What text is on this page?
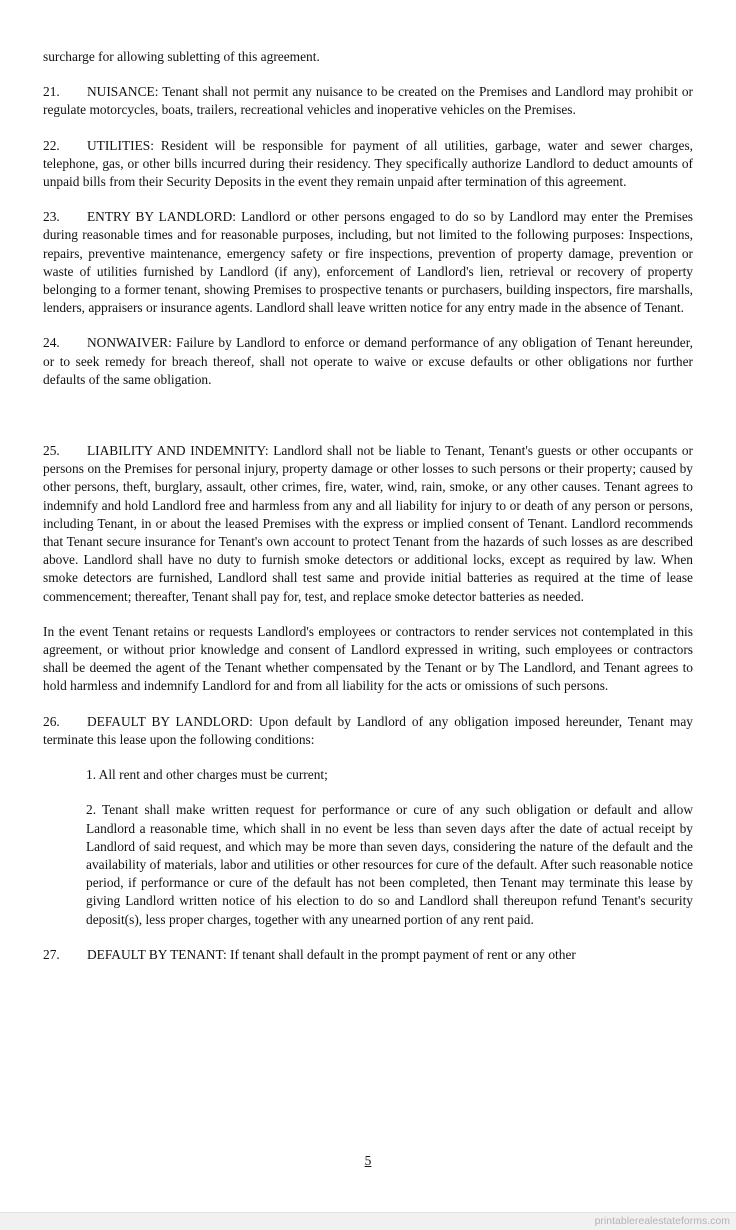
surcharge for allowing subletting of this agreement.

21. NUISANCE: Tenant shall not permit any nuisance to be created on the Premises and Landlord may prohibit or regulate motorcycles, boats, trailers, recreational vehicles and inoperative vehicles on the Premises.

22. UTILITIES: Resident will be responsible for payment of all utilities, garbage, water and sewer charges, telephone, gas, or other bills incurred during their residency. They specifically authorize Landlord to deduct amounts of unpaid bills from their Security Deposits in the event they remain unpaid after termination of this agreement.

23. ENTRY BY LANDLORD: Landlord or other persons engaged to do so by Landlord may enter the Premises during reasonable times and for reasonable purposes, including, but not limited to the following purposes: Inspections, repairs, preventive maintenance, emergency safety or fire inspections, prevention of property damage, prevention or waste of utilities furnished by Landlord (if any), enforcement of Landlord's lien, retrieval or recovery of property belonging to a former tenant, showing Premises to prospective tenants or purchasers, building inspectors, fire marshalls, lenders, appraisers or insurance agents. Landlord shall leave written notice for any entry made in the absence of Tenant.

24. NONWAIVER: Failure by Landlord to enforce or demand performance of any obligation of Tenant hereunder, or to seek remedy for breach thereof, shall not operate to waive or excuse defaults or other obligations nor further defaults of the same obligation.

25. LIABILITY AND INDEMNITY: Landlord shall not be liable to Tenant, Tenant's guests or other occupants or persons on the Premises for personal injury, property damage or other losses to such persons or their property; caused by other persons, theft, burglary, assault, other crimes, fire, water, wind, rain, smoke, or any other causes. Tenant agrees to indemnify and hold Landlord free and harmless from any and all liability for injury to or death of any person or persons, including Tenant, in or about the leased Premises with the express or implied consent of Tenant. Landlord recommends that Tenant secure insurance for Tenant's own account to protect Tenant from the hazards of such losses as are described above. Landlord shall have no duty to furnish smoke detectors or additional locks, except as required by law. When smoke detectors are furnished, Landlord shall test same and provide initial batteries as required at the time of lease commencement; thereafter, Tenant shall pay for, test, and replace smoke detector batteries as needed.

In the event Tenant retains or requests Landlord's employees or contractors to render services not contemplated in this agreement, or without prior knowledge and consent of Landlord expressed in writing, such employees or contractors shall be deemed the agent of the Tenant whether compensated by the Tenant or by The Landlord, and Tenant agrees to hold harmless and indemnify Landlord for and from all liability for the acts or omissions of such persons.

26. DEFAULT BY LANDLORD: Upon default by Landlord of any obligation imposed hereunder, Tenant may terminate this lease upon the following conditions:

1. All rent and other charges must be current;

2. Tenant shall make written request for performance or cure of any such obligation or default and allow Landlord a reasonable time, which shall in no event be less than seven days after the date of actual receipt by Landlord of said request, and which may be more than seven days, considering the nature of the default and the availability of materials, labor and utilities or other resources for cure of the default. After such reasonable notice period, if performance or cure of the default has not been completed, then Tenant may terminate this lease by giving Landlord written notice of his election to do so and Landlord shall thereupon refund Tenant's security deposit(s), less proper charges, together with any unearned portion of any rent paid.

27. DEFAULT BY TENANT: If tenant shall default in the prompt payment of rent or any other

5
printablerealestateforms.com
